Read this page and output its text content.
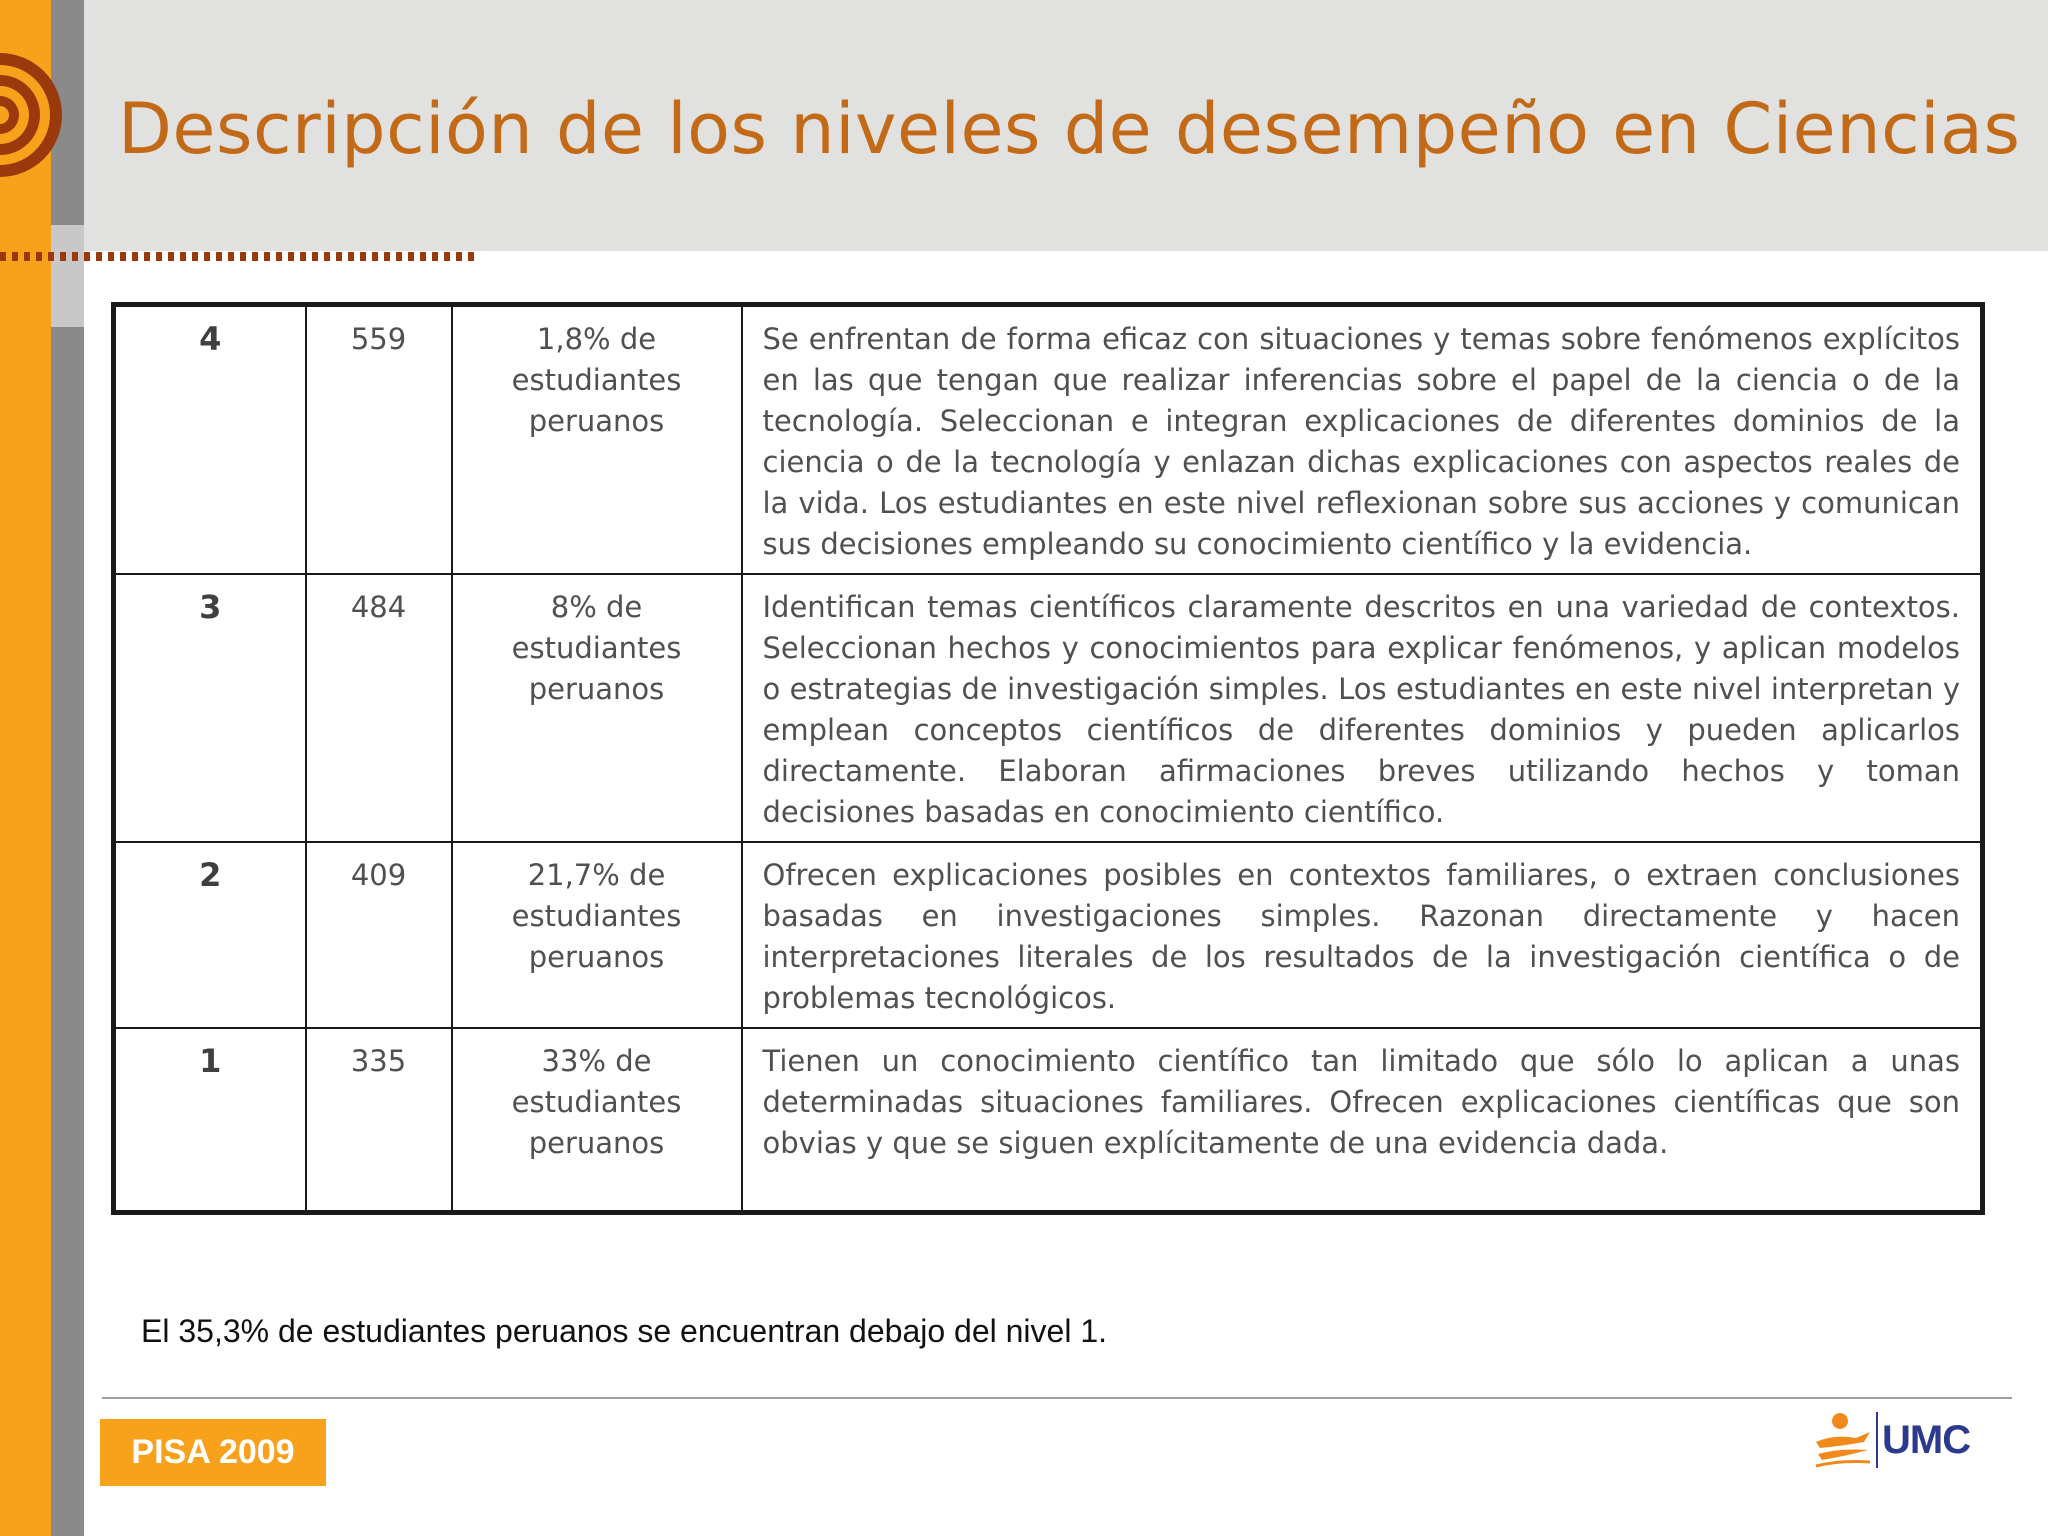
Descripción de los niveles de desempeño en Ciencias
4	559	1,8% de estudiantes peruanos	Se enfrentan de forma eficaz con situaciones y temas sobre fenómenos explícitos en las que tengan que realizar inferencias sobre el papel de la ciencia o de la tecnología. Seleccionan e integran explicaciones de diferentes dominios de la ciencia o de la tecnología y enlazan dichas explicaciones con aspectos reales de la vida. Los estudiantes en este nivel reflexionan sobre sus acciones y comunican sus decisiones empleando su conocimiento científico y la evidencia.
3	484	8% de estudiantes peruanos	Identifican temas científicos claramente descritos en una variedad de contextos. Seleccionan hechos y conocimientos para explicar fenómenos, y aplican modelos o estrategias de investigación simples. Los estudiantes en este nivel interpretan y emplean conceptos científicos de diferentes dominios y pueden aplicarlos directamente. Elaboran afirmaciones breves utilizando hechos y toman decisiones basadas en conocimiento científico.
2	409	21,7% de estudiantes peruanos	Ofrecen explicaciones posibles en contextos familiares, o extraen conclusiones basadas en investigaciones simples. Razonan directamente y hacen interpretaciones literales de los resultados de la investigación científica o de problemas tecnológicos.
1	335	33% de estudiantes peruanos	Tienen un conocimiento científico tan limitado que sólo lo aplican a unas determinadas situaciones familiares. Ofrecen explicaciones científicas que son obvias y que se siguen explícitamente de una evidencia dada.
El 35,3% de estudiantes peruanos se encuentran debajo del nivel 1.
PISA 2009	UMC
